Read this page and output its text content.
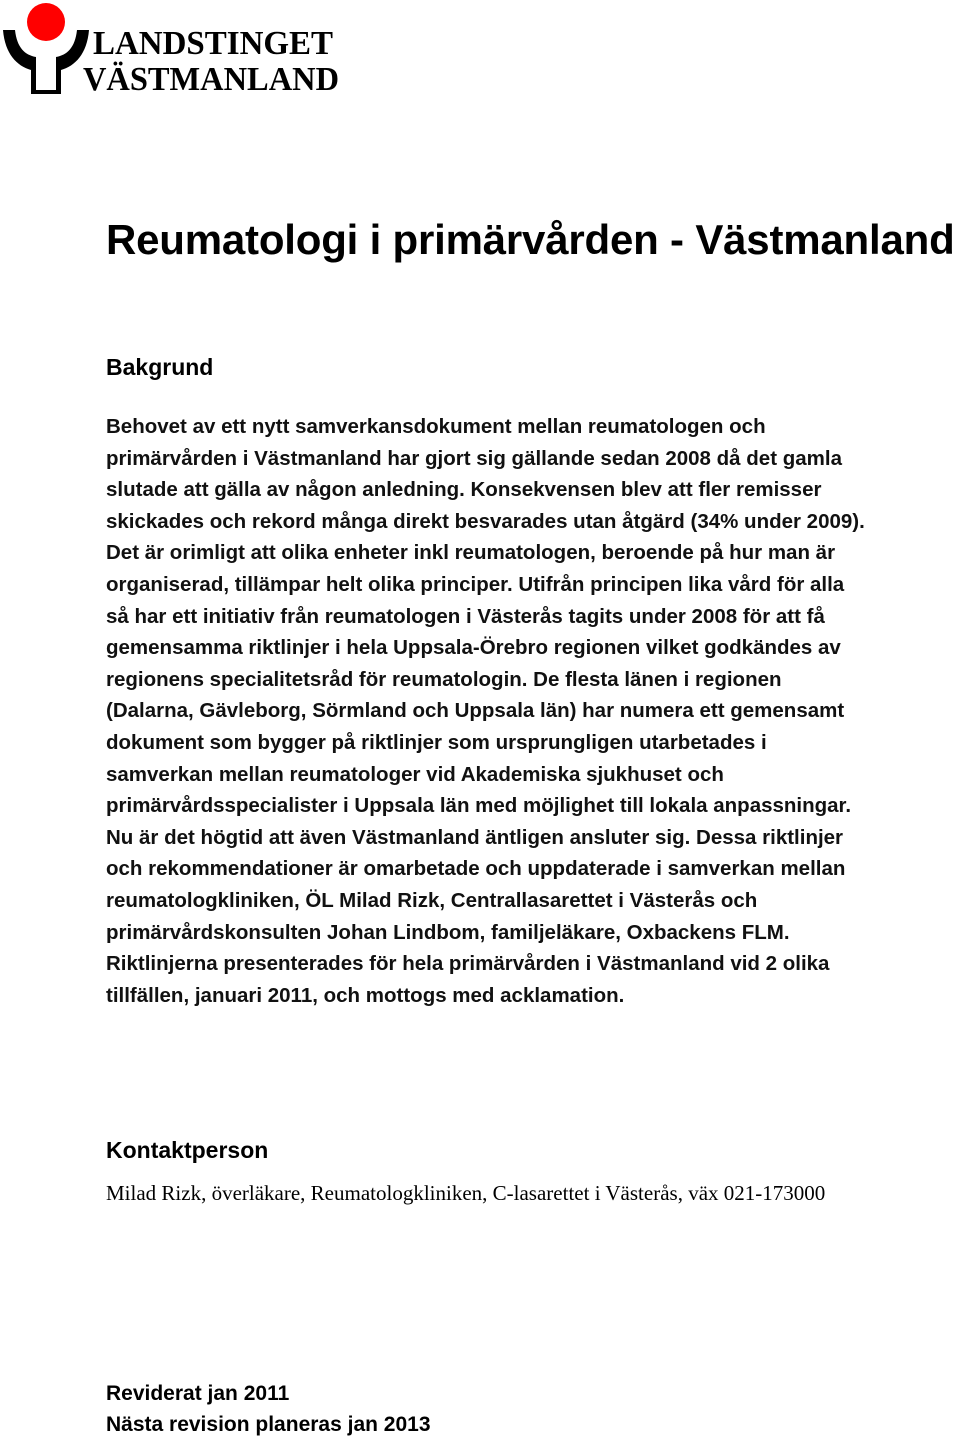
LANDSTINGET
VÄSTMANLAND
Reumatologi i primärvården - Västmanland
Bakgrund

Behovet av ett nytt samverkansdokument mellan reumatologen och
primärvården i Västmanland har gjort sig gällande sedan 2008 då det gamla
slutade att gälla av någon anledning. Konsekvensen blev att fler remisser
skickades och rekord många direkt besvarades utan åtgärd (34% under 2009).
Det är orimligt att olika enheter inkl reumatologen, beroende på hur man är
organiserad, tillämpar helt olika principer. Utifrån principen lika vård för alla
så har ett initiativ från reumatologen i Västerås tagits under 2008 för att få
gemensamma riktlinjer i hela Uppsala-Örebro regionen vilket godkändes av
regionens specialitetsråd för reumatologin. De flesta länen i regionen
(Dalarna, Gävleborg, Sörmland och Uppsala län) har numera ett gemensamt
dokument som bygger på riktlinjer som ursprungligen utarbetades i
samverkan mellan reumatologer vid Akademiska sjukhuset och
primärvårdsspecialister i Uppsala län med möjlighet till lokala anpassningar.
Nu är det högtid att även Västmanland äntligen ansluter sig. Dessa riktlinjer
och rekommendationer är omarbetade och uppdaterade i samverkan mellan
reumatologkliniken, ÖL Milad Rizk, Centrallasarettet i Västerås och
primärvårdskonsulten Johan Lindbom, familjeläkare, Oxbackens FLM.
Riktlinjerna presenterades för hela primärvården i Västmanland vid 2 olika
tillfällen, januari 2011, och mottogs med acklamation.

Kontaktperson

Milad Rizk, överläkare, Reumatologkliniken, C-lasarettet i Västerås, väx 021-173000

Reviderat jan 2011

Nästa revision planeras jan 2013
